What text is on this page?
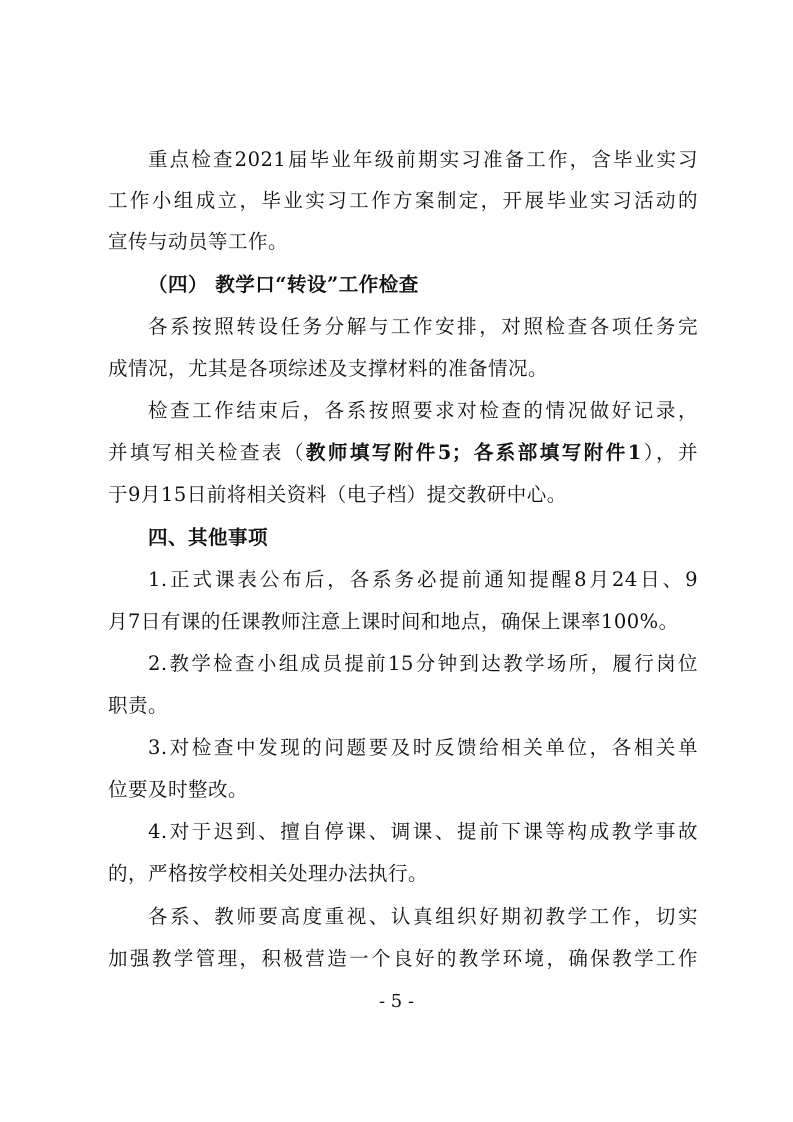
重点检查2021届毕业年级前期实习准备工作，含毕业实习
工作小组成立，毕业实习工作方案制定，开展毕业实习活动的
宣传与动员等工作。
（四） 教学口“转设”工作检查
各系按照转设任务分解与工作安排，对照检查各项任务完
成情况，尤其是各项综述及支撑材料的准备情况。
检查工作结束后，各系按照要求对检查的情况做好记录，
并填写相关检查表（教师填写附件5；各系部填写附件1），并
于9月15日前将相关资料（电子档）提交教研中心。
四、其他事项
1.正式课表公布后，各系务必提前通知提醒8月24日、9
月7日有课的任课教师注意上课时间和地点，确保上课率100%。
2.教学检查小组成员提前15分钟到达教学场所，履行岗位
职责。
3.对检查中发现的问题要及时反馈给相关单位，各相关单
位要及时整改。
4.对于迟到、擅自停课、调课、提前下课等构成教学事故
的，严格按学校相关处理办法执行。
各系、教师要高度重视、认真组织好期初教学工作，切实
加强教学管理，积极营造一个良好的教学环境，确保教学工作
- 5 -
